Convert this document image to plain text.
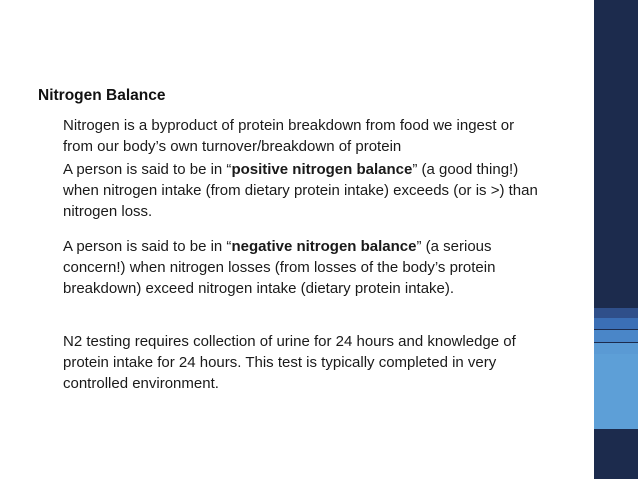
Nitrogen Balance
Nitrogen is a byproduct of protein breakdown from food we ingest or from our body’s own turnover/breakdown of protein
A person is said to be in “positive nitrogen balance” (a good thing!) when nitrogen intake (from dietary protein intake) exceeds (or is >) than nitrogen loss.
A person is said to be in “negative nitrogen balance” (a serious concern!) when nitrogen losses (from losses of the body’s protein breakdown) exceed nitrogen intake (dietary protein intake).
N2 testing requires collection of urine for 24 hours and knowledge of protein intake for 24 hours. This test is typically completed in very controlled environment.
